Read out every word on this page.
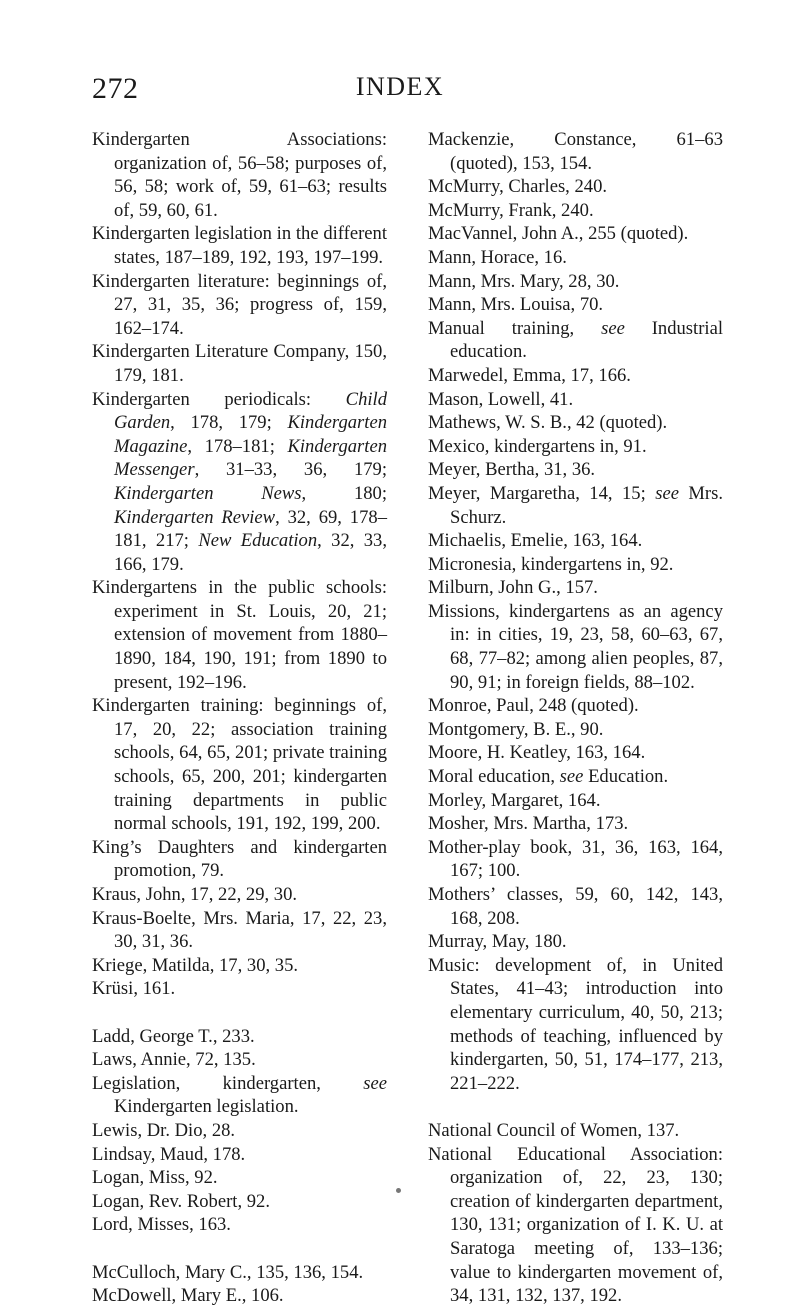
272	INDEX

Kindergarten Associations: organization of, 56–58; purposes of, 56, 58; work of, 59, 61–63; results of, 59, 60, 61.

Kindergarten legislation in the different states, 187–189, 192, 193, 197–199.

Kindergarten literature: beginnings of, 27, 31, 35, 36; progress of, 159, 162–174.

Kindergarten Literature Company, 150, 179, 181.

Kindergarten periodicals: Child Garden, 178, 179; Kindergarten Magazine, 178–181; Kindergarten Messenger, 31–33, 36, 179; Kindergarten News, 180; Kindergarten Review, 32, 69, 178–181, 217; New Education, 32, 33, 166, 179.

Kindergartens in the public schools: experiment in St. Louis, 20, 21; extension of movement from 1880–1890, 184, 190, 191; from 1890 to present, 192–196.

Kindergarten training: beginnings of, 17, 20, 22; association training schools, 64, 65, 201; private training schools, 65, 200, 201; kindergarten training departments in public normal schools, 191, 192, 199, 200.

King’s Daughters and kindergarten promotion, 79.

Kraus, John, 17, 22, 29, 30.

Kraus-Boelte, Mrs. Maria, 17, 22, 23, 30, 31, 36.

Kriege, Matilda, 17, 30, 35.

Krüsi, 161.

Ladd, George T., 233.

Laws, Annie, 72, 135.

Legislation, kindergarten, see Kindergarten legislation.

Lewis, Dr. Dio, 28.

Lindsay, Maud, 178.

Logan, Miss, 92.

Logan, Rev. Robert, 92.

Lord, Misses, 163.

McCulloch, Mary C., 135, 136, 154.

McDowell, Mary E., 106.

Mackenzie, Constance, 61–63 (quoted), 153, 154.

McMurry, Charles, 240.

McMurry, Frank, 240.

MacVannel, John A., 255 (quoted).

Mann, Horace, 16.

Mann, Mrs. Mary, 28, 30.

Mann, Mrs. Louisa, 70.

Manual training, see Industrial education.

Marwedel, Emma, 17, 166.

Mason, Lowell, 41.

Mathews, W. S. B., 42 (quoted).

Mexico, kindergartens in, 91.

Meyer, Bertha, 31, 36.

Meyer, Margaretha, 14, 15; see Mrs. Schurz.

Michaelis, Emelie, 163, 164.

Micronesia, kindergartens in, 92.

Milburn, John G., 157.

Missions, kindergartens as an agency in: in cities, 19, 23, 58, 60–63, 67, 68, 77–82; among alien peoples, 87, 90, 91; in foreign fields, 88–102.

Monroe, Paul, 248 (quoted).

Montgomery, B. E., 90.

Moore, H. Keatley, 163, 164.

Moral education, see Education.

Morley, Margaret, 164.

Mosher, Mrs. Martha, 173.

Mother-play book, 31, 36, 163, 164, 167; 100.

Mothers’ classes, 59, 60, 142, 143, 168, 208.

Murray, May, 180.

Music: development of, in United States, 41–43; introduction into elementary curriculum, 40, 50, 213; methods of teaching, influenced by kindergarten, 50, 51, 174–177, 213, 221–222.

National Council of Women, 137.

National Educational Association: organization of, 22, 23, 130; creation of kindergarten department, 130, 131; organization of I. K. U. at Saratoga meeting of, 133–136; value to kindergarten movement of, 34, 131, 132, 137, 192.
